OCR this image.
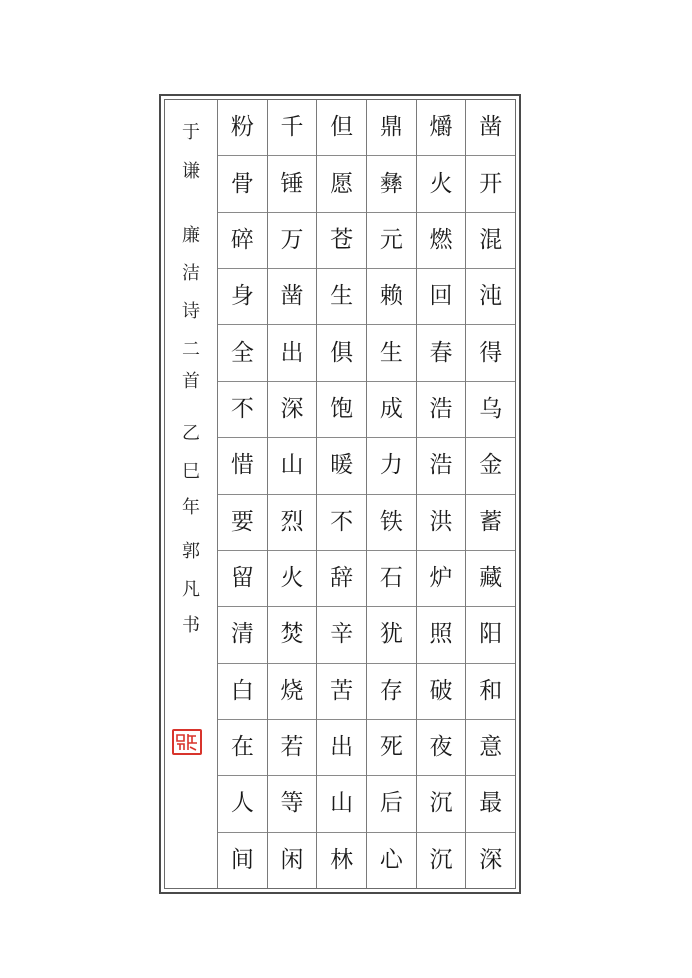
于
谦
廉
洁
诗
二
首
乙
巳
年
郭
凡
书
粉
骨
碎
身
全
不
惜
要
留
清
白
在
人
间
千
锤
万
凿
出
深
山
烈
火
焚
烧
若
等
闲
但
愿
苍
生
俱
饱
暖
不
辞
辛
苦
出
山
林
鼎
彝
元
赖
生
成
力
铁
石
犹
存
死
后
心
爝
火
燃
回
春
浩
浩
洪
炉
照
破
夜
沉
沉
凿
开
混
沌
得
乌
金
蓄
藏
阳
和
意
最
深
